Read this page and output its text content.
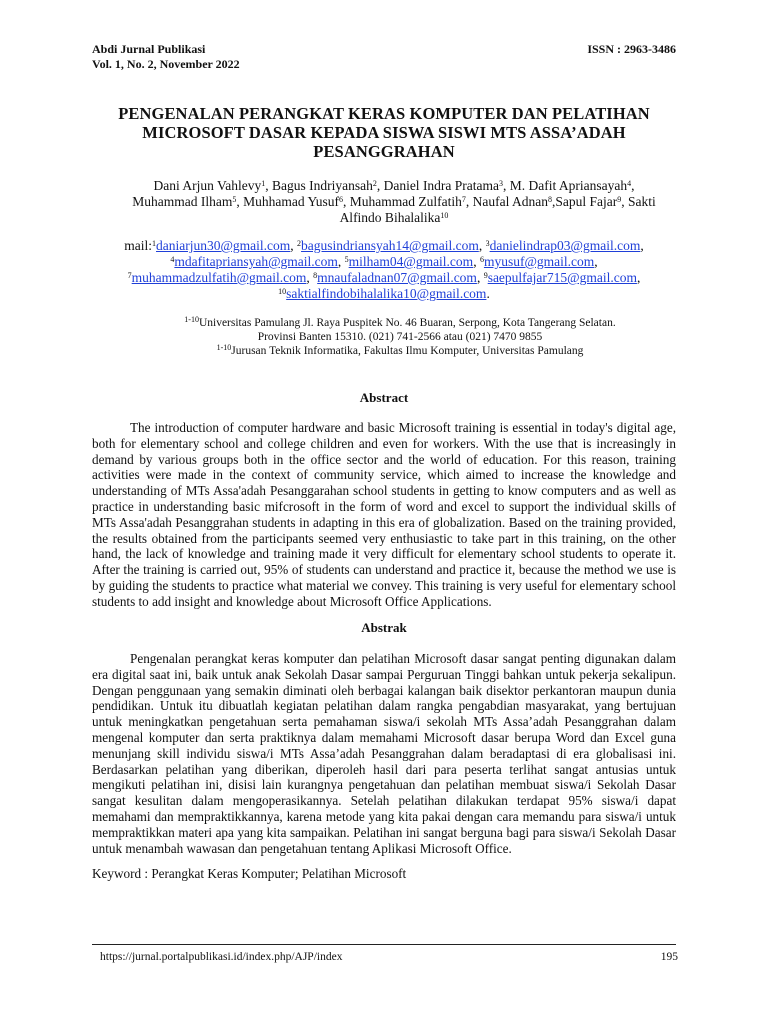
Abdi Jurnal Publikasi
Vol. 1, No. 2, November 2022
ISSN : 2963-3486
PENGENALAN PERANGKAT KERAS KOMPUTER DAN PELATIHAN MICROSOFT DASAR KEPADA SISWA SISWI MTS ASSA’ADAH PESANGGRAHAN
Dani Arjun Vahlevy$^1$, Bagus Indriyansah$^2$, Daniel Indra Pratama$^3$, M. Dafit Apriansayah$^4$,
Muhammad Ilham$^5$, Muhhamad Yusuf$^6$, Muhammad Zulfatih$^7$, Naufal Adnan$^8$,Sapul Fajar$^9$, Sakti Alfindo Bihalalika$^{10}$
mail:$^1$daniarjun30@gmail.com, $^2$bagusindriansyah14@gmail.com, $^3$danielindrap03@gmail.com,
$^4$mdafitapriansyah@gmail.com, $^5$milham04@gmail.com, $^6$myusuf@gmail.com,
$^7$muhammadzulfatih@gmail.com, $^8$mnaufaladnan07@gmail.com, $^9$saepulfajar715@gmail.com,
$^{10}$saktialfindobihalalika10@gmail.com.
$^{1-10}$Universitas Pamulang Jl. Raya Puspitek No. 46 Buaran, Serpong, Kota Tangerang Selatan.
Provinsi Banten 15310. (021) 741-2566 atau (021) 7470 9855
$^{1-10}$Jurusan Teknik Informatika, Fakultas Ilmu Komputer, Universitas Pamulang
Abstract
The introduction of computer hardware and basic Microsoft training is essential in today's digital age, both for elementary school and college children and even for workers. With the use that is increasingly in demand by various groups both in the office sector and the world of education. For this reason, training activities were made in the context of community service, which aimed to increase the knowledge and understanding of MTs Assa'adah Pesanggarahan school students in getting to know computers and as well as practice in understanding basic mifcrosoft in the form of word and excel to support the individual skills of MTs Assa'adah Pesanggrahan students in adapting in this era of globalization. Based on the training provided, the results obtained from the participants seemed very enthusiastic to take part in this training, on the other hand, the lack of knowledge and training made it very difficult for elementary school students to operate it. After the training is carried out, 95% of students can understand and practice it, because the method we use is by guiding the students to practice what material we convey. This training is very useful for elementary school students to add insight and knowledge about Microsoft Office Applications.
Abstrak
Pengenalan perangkat keras komputer dan pelatihan Microsoft dasar sangat penting digunakan dalam era digital saat ini, baik untuk anak Sekolah Dasar sampai Perguruan Tinggi bahkan untuk pekerja sekalipun. Dengan penggunaan yang semakin diminati oleh berbagai kalangan baik disektor perkantoran maupun dunia pendidikan. Untuk itu dibuatlah kegiatan pelatihan dalam rangka pengabdian masyarakat, yang bertujuan untuk meningkatkan pengetahuan serta pemahaman siswa/i sekolah MTs Assa’adah Pesanggrahan dalam mengenal komputer dan serta praktiknya dalam memahami Microsoft dasar berupa Word dan Excel guna menunjang skill individu siswa/i MTs Assa’adah Pesanggrahan dalam beradaptasi di era globalisasi ini. Berdasarkan pelatihan yang diberikan, diperoleh hasil dari para peserta terlihat sangat antusias untuk mengikuti pelatihan ini, disisi lain kurangnya pengetahuan dan pelatihan membuat siswa/i Sekolah Dasar sangat kesulitan dalam mengoperasikannya. Setelah pelatihan dilakukan terdapat 95% siswa/i dapat memahami dan mempraktikkannya, karena metode yang kita pakai dengan cara memandu para siswa/i untuk mempraktikkan materi apa yang kita sampaikan. Pelatihan ini sangat berguna bagi para siswa/i Sekolah Dasar untuk menambah wawasan dan pengetahuan tentang Aplikasi Microsoft Office.
Keyword : Perangkat Keras Komputer; Pelatihan Microsoft
https://jurnal.portalpublikasi.id/index.php/AJP/index	195
